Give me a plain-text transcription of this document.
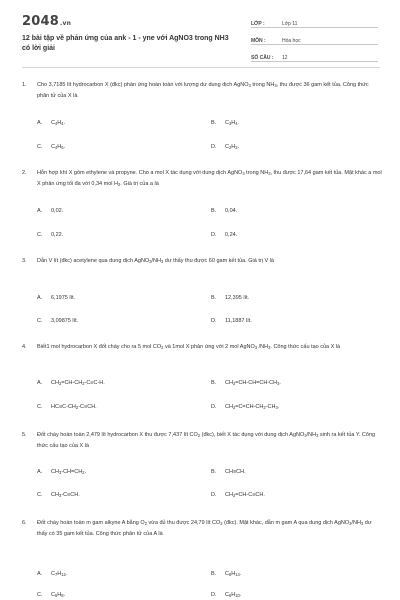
2048.vn
12 bài tập về phản ứng của ank - 1 - yne với AgNO3 trong NH3 có lời giải
LỚP :	Lớp 11
MÔN :	Hóa học
SỐ CÂU :	12
1. Cho 3,7185 lít hydrocarbon X (đkc) phản ứng hoàn toàn với lượng dư dung dịch AgNO$_3$ trong $NH_3$, thu được 36 gam kết tủa. Công thức phân tử của X là
A. $C_4H_4$.	B. $C_3H_4$.
C. $C_4H_6$.	D. $C_2H_2$.
2. Hỗn hợp khí X gồm ethylene và propyne. Cho a mol X tác dụng với dung dịch AgNO$_3$ trong $NH_3$, thu được 17,64 gam kết tủa. Mặt khác a mol X phản ứng tối đa với 0,34 mol $H_2$. Giá trị của a là
A. 0,02.	B. 0,04.
C. 0,22.	D. 0,24.
3. Dẫn V lít (đkc) acetylene qua dung dịch $AgNO_3/NH_3$ dư thấy thu được 60 gam kết tủa. Giá trị V là
A. 6,1975 lít.	B. 12,395 lít.
C. 3,09875 lít.	D. 11,1887 lít.
4. Biết1 mol hydrocarbon X đốt cháy cho ra 5 mol $CO_2$ và 1mol X phản ứng với 2 mol AgNO$_3$ $/NH_3$. Công thức cấu tạo của X là
A. $CH_2=CH-CH_2-C\equiv C-H$.	B. $CH_2=CH-CH=CH-CH_3$.
C. $HC\equiv C-CH_2-C\equiv CH$.	D. $CH_2=C=CH-CH_2-CH_3$.
5. Đốt cháy hoàn toàn 2,479 lít hydrocarbon X thu được 7,437 lít $CO_2$ (đkc), biết X tác dụng với dung dịch $AgNO_3/NH_3$ sinh ra kết tủa Y. Công thức cấu tạo của X là
A. $CH_3-CH=CH_2$.	B. CH≡CH.
C. $CH_3-C\equiv CH$.	D. $CH_2=CH-C\equiv CH$.
6. Đốt cháy hoàn toàn m gam alkyne A bằng $O_2$ vừa đủ thu được 24,79 lít $CO_2$ (đkc). Mặt khác, dẫn m gam A qua dung dịch $AgNO_3/NH_3$ dư thấy có 35 gam kết tủa. Công thức phân tử của A là
A. $C_7H_{12}$.	B. $C_8H_{14}$.
C. $C_5H_8$.	D. $C_6H_{10}$.
